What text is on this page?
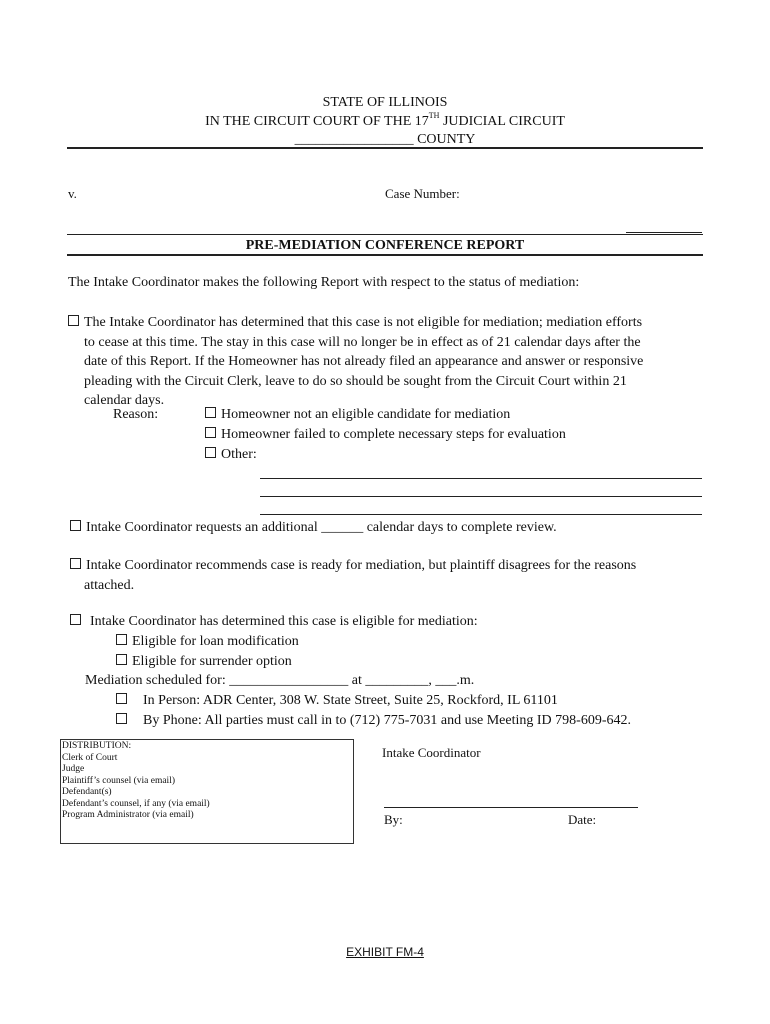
STATE OF ILLINOIS
IN THE CIRCUIT COURT OF THE 17TH JUDICIAL CIRCUIT
_________________ COUNTY
v.	Case Number:
PRE-MEDIATION CONFERENCE REPORT
The Intake Coordinator makes the following Report with respect to the status of mediation:
The Intake Coordinator has determined that this case is not eligible for mediation; mediation efforts
to cease at this time. The stay in this case will no longer be in effect as of 21 calendar days after the
date of this Report. If the Homeowner has not already filed an appearance and answer or responsive
pleading with the Circuit Clerk, leave to do so should be sought from the Circuit Court within 21
calendar days.
Reason:	Homeowner not an eligible candidate for mediation
Homeowner failed to complete necessary steps for evaluation
Other:
Intake Coordinator requests an additional ______ calendar days to complete review.
Intake Coordinator recommends case is ready for mediation, but plaintiff disagrees for the reasons
attached.
Intake Coordinator has determined this case is eligible for mediation:
Eligible for loan modification
Eligible for surrender option
Mediation scheduled for: _________________ at _________, ___.m.
In Person: ADR Center, 308 W. State Street, Suite 25, Rockford, IL 61101
By Phone: All parties must call in to (712) 775-7031 and use Meeting ID 798-609-642.
DISTRIBUTION:
Clerk of Court
Judge
Plaintiff’s counsel (via email)
Defendant(s)
Defendant’s counsel, if any (via email)
Program Administrator (via email)
Intake Coordinator
By:	Date:
EXHIBIT FM-4
